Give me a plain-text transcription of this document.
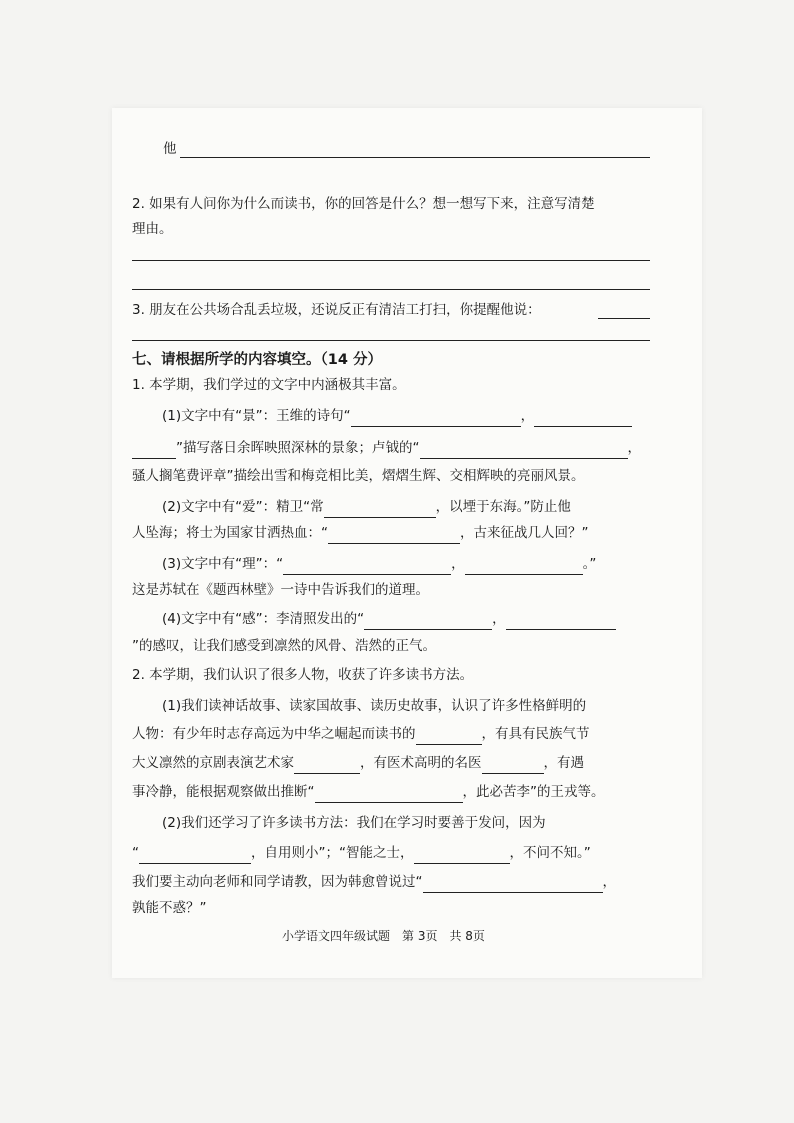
他
2. 如果有人问你为什么而读书，你的回答是什么？想一想写下来，注意写清楚
理由。
3. 朋友在公共场合乱丢垃圾，还说反正有清洁工打扫，你提醒他说：
七、请根据所学的内容填空。（14 分）
1. 本学期，我们学过的文字中内涵极其丰富。
(1)文字中有“景”：王维的诗句“	，
”描写落日余晖映照深林的景象；卢钺的“	，
骚人搁笔费评章”描绘出雪和梅竞相比美，熠熠生辉、交相辉映的亮丽风景。
(2)文字中有“爱”：精卫“常	，以堙于东海。”防止他
人坠海；将士为国家甘洒热血：“	，古来征战几人回？”
(3)文字中有“理”：“	，	。”
这是苏轼在《题西林壁》一诗中告诉我们的道理。
(4)文字中有“感”：李清照发出的“	，
”的感叹，让我们感受到凛然的风骨、浩然的正气。
2. 本学期，我们认识了很多人物，收获了许多读书方法。
(1)我们读神话故事、读家国故事、读历史故事，认识了许多性格鲜明的
人物：有少年时志存高远为中华之崛起而读书的	，有具有民族气节
大义凛然的京剧表演艺术家	，有医术高明的名医	，有遇
事冷静，能根据观察做出推断“	，此必苦李”的王戎等。
(2)我们还学习了许多读书方法：我们在学习时要善于发问，因为
“	，自用则小”；“智能之士，	，不问不知。”
我们要主动向老师和同学请教，因为韩愈曾说过“	，
孰能不惑？”
小学语文四年级试题　第 3页　共 8页
